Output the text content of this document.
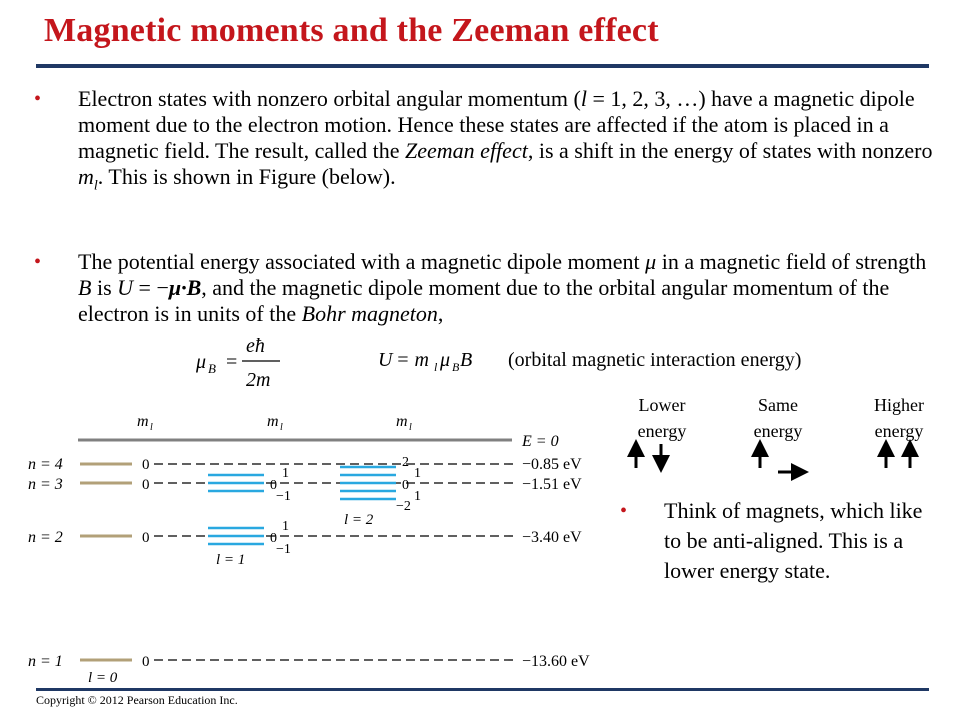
Magnetic moments and the Zeeman effect
• Electron states with nonzero orbital angular momentum (l = 1, 2, 3, …) have a magnetic dipole moment due to the electron motion. Hence these states are affected if the atom is placed in a magnetic field. The result, called the Zeeman effect, is a shift in the energy of states with nonzero $m_l$. This is shown in Figure (below).
• The potential energy associated with a magnetic dipole moment μ in a magnetic field of strength B is U = −μ·B, and the magnetic dipole moment due to the orbital angular momentum of the electron is in units of the Bohr magneton,
μ B =
eħ
2m
U = m l μ B B (orbital magnetic interaction energy)
Lower
energy
Same
energy
Higher
energy
• Think of magnets, which like to be anti-aligned. This is a lower energy state.
m l	m l	m l
E = 0
n = 4
n = 3
n = 2
n = 1
0
0
0
0
1
0
−1
2
1
0
1
−2
l = 2
1
0
−1
l = 1
l = 0
−0.85 eV
−1.51 eV
−3.40 eV
−13.60 eV
Copyright © 2012 Pearson Education Inc.
